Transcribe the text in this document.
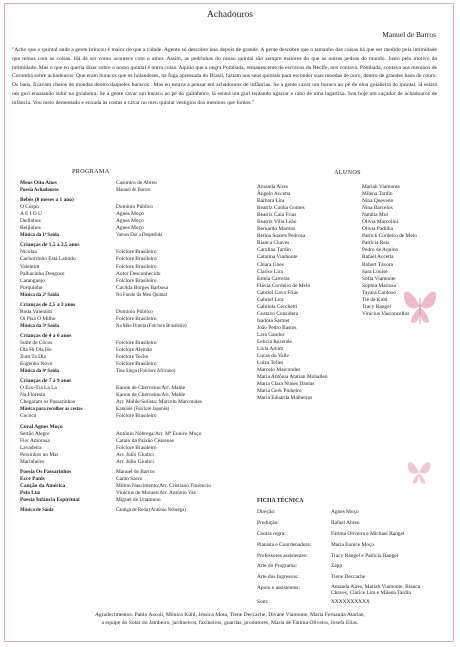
Achadouros
Manuel de Barros
"Acho que o quintal onde a gente brincou é maior do que a cidade. Agente só descobre isso depois de grande. A gente descobre que o tamanho das coisas há que ser medido pela intimidade que temos com as coisas. Há de ser como acontece com o amor. Assim, as pedrinhas do nosso quintal são sempre maiores do que as outras pedras do mundo. Justo pelo motivo da intimidade. Mas o que eu queria dizer sobre o nosso quintal é outra coisa. Aquilo que a negra Pombada, remanescente de escravos do Recife, nos contava. Pombada, contava aos meninos de Corumbá sobre achadouros. Que eram buracos que os holandeses, na fuga apressada do Brasil, faziam nos seus quintais para esconder suas moedas de ouro, dentro de grandes baús de couro. Os baús, ficavam cheios de moedas dentro daqueles buracos.. Mas eu estava a pensar em achadouros de infâncias. Se a gente cavar um buraco ao pé de uma goiabeira do quintal, lá estará um guri ensaiando subir na goiabeira. Se a gente cavar um buraco ao pé do galinheiro, lá estará um guri tentando agarrar o rabo de uma lagartixa. Sou hoje um caçador de achadouros de infância. Vou meio dementado e enxada às costas a cavar no meu quintal vestígios dos meninos que fomos."
PROGRAMA
Meus Oito Anos	Casimiro de Abreu
Poesia Achadouros	Manuel de Barros
Bebês (8 meses a 1 ano)
O Corpo	Domínio Público
A E I O U	Agnes Moço
Dedinhos	Agnes Moço
Beijinhos	Agnes Moço
Música da 1ª Saída	Vamos Dar a Despedida
Crianças de 1,5 a 2,5 anos
Nicolau	Folclore Brasileiro
Cachorrinho Está Latindo	Folclore Brasileiro
Valentim	Folclore Brasileiro
Palhacinho Dengoso	Autor Desconhecido
Caranguejo	Folclore Brasileiro
Porquinho	Cacilda Borges Barbosa
Música da 2ª Saída	No Fundo do Meu Quintal
Crianças de 2,5 a 3 anos
Roda Valentim	Domínio Público
Oi Pisa O Milho	Folclore Brasileiro
Música da 3ª Saída	Na Mão Direita (Folclore Brasileiro)
Crianças de 4 a 6 anos
Suíte de Cocos	Folclore Brasileiro
Ola Hi Ola Ho	Folclore Alemão
Zum Ta Dia	Folclore Tecbo
Engenho Novo	Folclore Brasileiro
Música da 4ª Saída	Tina Singu (Folclore Africano)
Crianças de 7 a 9 anos
O Eco-Tra La La	Kanon de Cherveins/Arr. Mahle
Na Floresta	Kanon de Cherveins/Arr. Mahle
Chegaram os Passarinhos	Arr. Mahle/Solista: Marcelo Marcondes
Música para recolher as cestas	Kamiolé (Folclore Japonês)
Cocócó	Folclore Brasileiro
Coral Agnes Moço
Sertão Alegre	Antônio Nóbrega/Arr. Mª Eunice Moço
Flor Amorosa	Catulo da Paixão Cearense
Lavadeira	Folclore Brasileiro
Peixinhos no Mar	Arr. Júlio Giudici
Marinheiro	Arr. Júlio Giudici
Poesia Os Passarinhos	Manuel de Barros
Ecce Panis	Canto Sacro
Canção da América	Milton Nascimento/Arr. Cristiano Florencio
Pela Luz	Vinicius de Moraes/Arr. Antônio Vaz
Poesia Infância Espiritual	Miguel de Unamuno
Música de Saída	Cantiga de Roda (Antônio Nóbrega)
ALUNOS
Amanda Aires
Ângelo Accetta
Bárbara Lira
Beatriz Cunha Gomes
Beatriz Gaia Frias
Beatriz Villa Leão
Bernardo Martins
Betina Soares Pedrosa
Bianca Chaves
Carolina Tardin
Catarina Viamonte
Chiara Góes
Clarice Lira
Estela Carreras
Flávia Cordeiro de Melo
Gabriel Gava Frias
Gabriel Lira
Gabriela Cecchetti
Gustavo Considera
Isadora Sarmet
João Pedro Bastos
Lara Gandur
Letícia Rezende
Lívia Amim
Lucas do Valle
Luiza Telles
Marcelo Marcondes
Maria Antônia Atarian Mohallen
Maria Clara Nunes Dantas
Maria Gerk Pinheiro
Maria Eduarda Malheiros
Mariah Viamonte
Milena Tardin
Nina Quevedo
Nina Barcelos
Natália Mol
Olivia Marcolini
Olivia Padilha
Patrick Cordeiro de Melo
Patrícia Reis
Pedro de Aquino
Rafael Accetta
Robert Távora
Sara Louise
Sofia Viamonte
Sophia Mariosa
Tayara Cardoso
Tiê de Kuhl
Tracy Rangel
Vinicius Vasconcellos
FICHA TÉCNICA
Direção:	Agnes Moço
Produção:	Rafael Abreu
Contra regra:	Fátima Oliveira e Michael Rangel
Pianista e Coordenadora:	Maria Eunice Moço
Professores assistentes:	Tracy Rangel e Patrícia Rangel
Arte do Programa:	Zapp
Arte dos Ingressos:	Tiene Deccache
Apoio e assistentes:	Amanda Aires, Mariah Viamonte, Bianca Chaves, Clarice Lira e Milena Tardin
Som:	XXXXXXXXXX
Agradecimentos: Pablo Ascoli, Mônica Kühl, Jéssica Mota, Tiene Deccache, Divane Viamonte, Maria Fernanda Atarian,
a equipe do Solar do Jambeiro, jardineiros, faxineiros, guardas, produtores, Maria de Fátima Oliveira, Josefa Elias.
